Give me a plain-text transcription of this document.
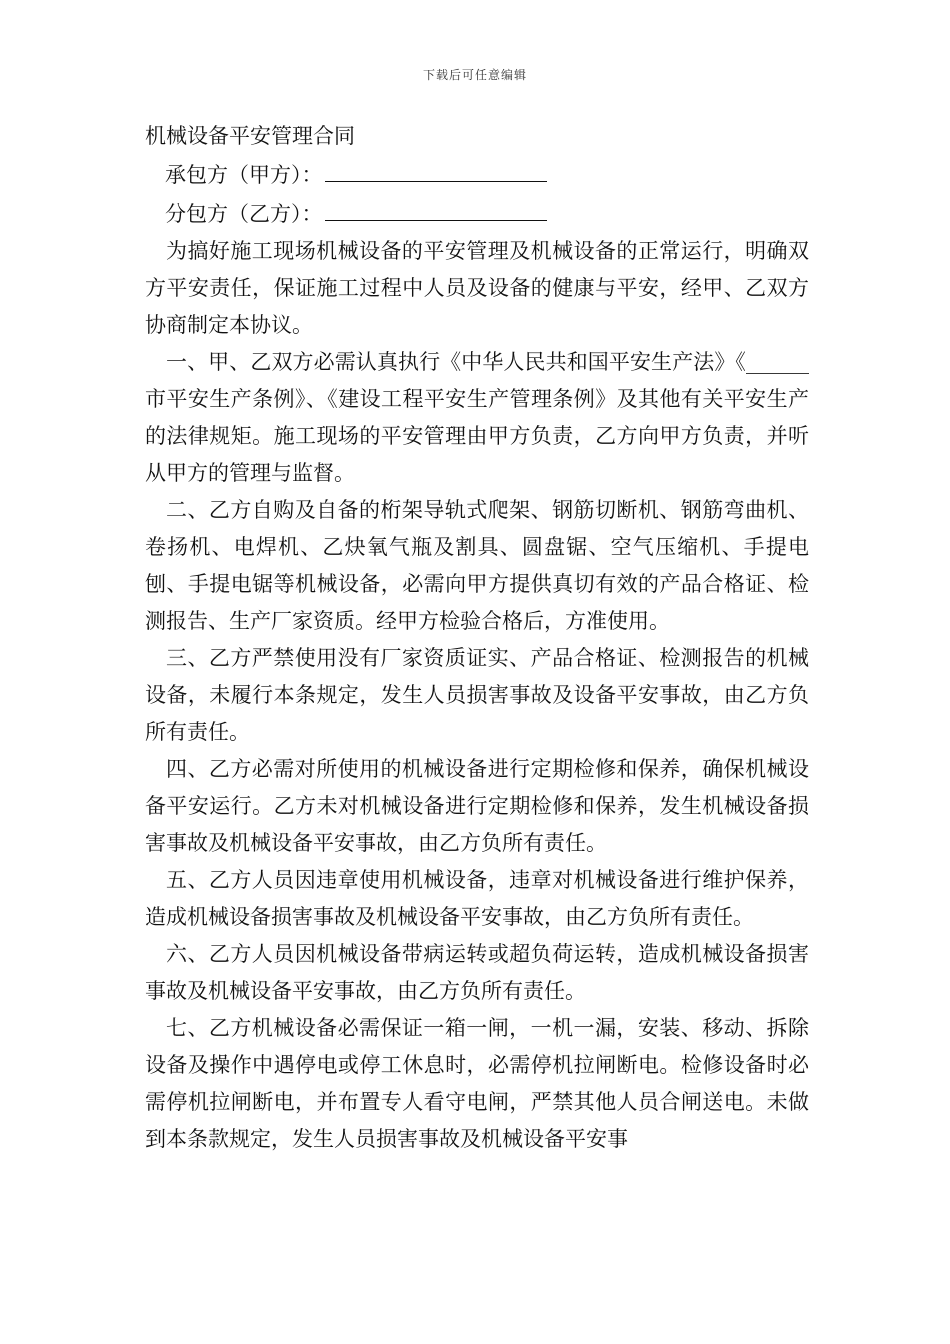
下载后可任意编辑

机械设备平安管理合同

承包方（甲方）：

分包方（乙方）：

为搞好施工现场机械设备的平安管理及机械设备的正常运行，明确双方平安责任，保证施工过程中人员及设备的健康与平安，经甲、乙双方协商制定本协议。

一、甲、乙双方必需认真执行《中华人民共和国平安生产法》《______市平安生产条例》、《建设工程平安生产管理条例》及其他有关平安生产的法律规矩。施工现场的平安管理由甲方负责，乙方向甲方负责，并听从甲方的管理与监督。

二、乙方自购及自备的桁架导轨式爬架、钢筋切断机、钢筋弯曲机、卷扬机、电焊机、乙炔氧气瓶及割具、圆盘锯、空气压缩机、手提电刨、手提电锯等机械设备，必需向甲方提供真切有效的产品合格证、检测报告、生产厂家资质。经甲方检验合格后，方准使用。

三、乙方严禁使用没有厂家资质证实、产品合格证、检测报告的机械设备，未履行本条规定，发生人员损害事故及设备平安事故，由乙方负所有责任。

四、乙方必需对所使用的机械设备进行定期检修和保养，确保机械设备平安运行。乙方未对机械设备进行定期检修和保养，发生机械设备损害事故及机械设备平安事故，由乙方负所有责任。

五、乙方人员因违章使用机械设备，违章对机械设备进行维护保养，造成机械设备损害事故及机械设备平安事故，由乙方负所有责任。

六、乙方人员因机械设备带病运转或超负荷运转，造成机械设备损害事故及机械设备平安事故，由乙方负所有责任。

七、乙方机械设备必需保证一箱一闸，一机一漏，安装、移动、拆除设备及操作中遇停电或停工休息时，必需停机拉闸断电。检修设备时必需停机拉闸断电，并布置专人看守电闸，严禁其他人员合闸送电。未做到本条款规定，发生人员损害事故及机械设备平安事
